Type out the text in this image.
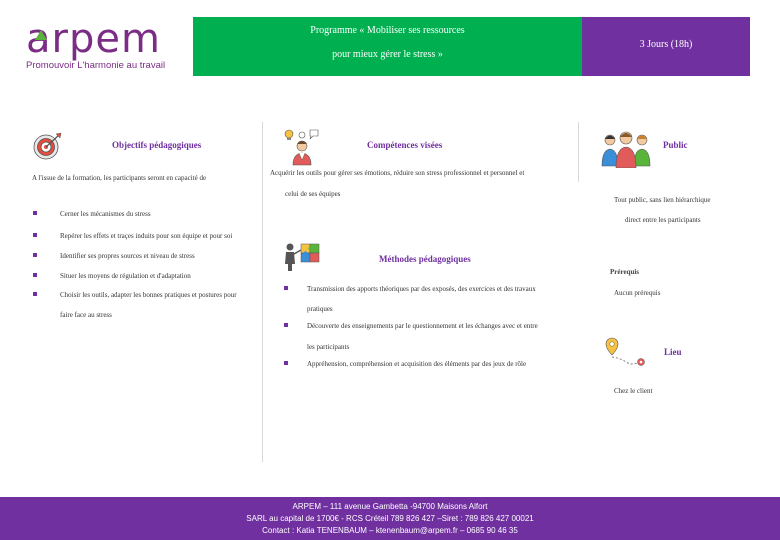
arpem
Promouvoir L'harmonie au travail
Programme « Mobiliser ses ressources
pour mieux gérer le stress »
3 Jours (18h)
Objectifs pédagogiques
A l'issue de la formation, les participants seront en capacité de
Cerner les mécanismes du stress
Repérer les effets et traçes induits pour son équipe et pour soi
Identifier ses propres sources et niveau de stress
Situer les moyens de régulation et d'adaptation
Choisir les outils, adapter les bonnes pratiques et postures pour
faire face au stress
Compétences visées
Acquérir les outils pour gérer ses émotions, réduire son stress professionnel et personnel et
celui de ses équipes
Méthodes pédagogiques
Transmission des apports théoriques par des exposés, des exercices et des travaux
pratiques
Découverte des enseignements par le questionnement et les échanges avec et entre
les participants
Appréhension, compréhension et acquisition des éléments par des jeux de rôle
Public
Tout public, sans lien hiérarchique
direct entre les participants
Prérequis
Aucun prérequis
Lieu
Chez le client
ARPEM – 111 avenue Gambetta -94700 Maisons Alfort
SARL au capital de 1700€ - RCS Créteil 789 826 427 –Siret : 789 826 427 00021
Contact : Katia TENENBAUM – ktenenbaum@arpem.fr – 0685 90 46 35
